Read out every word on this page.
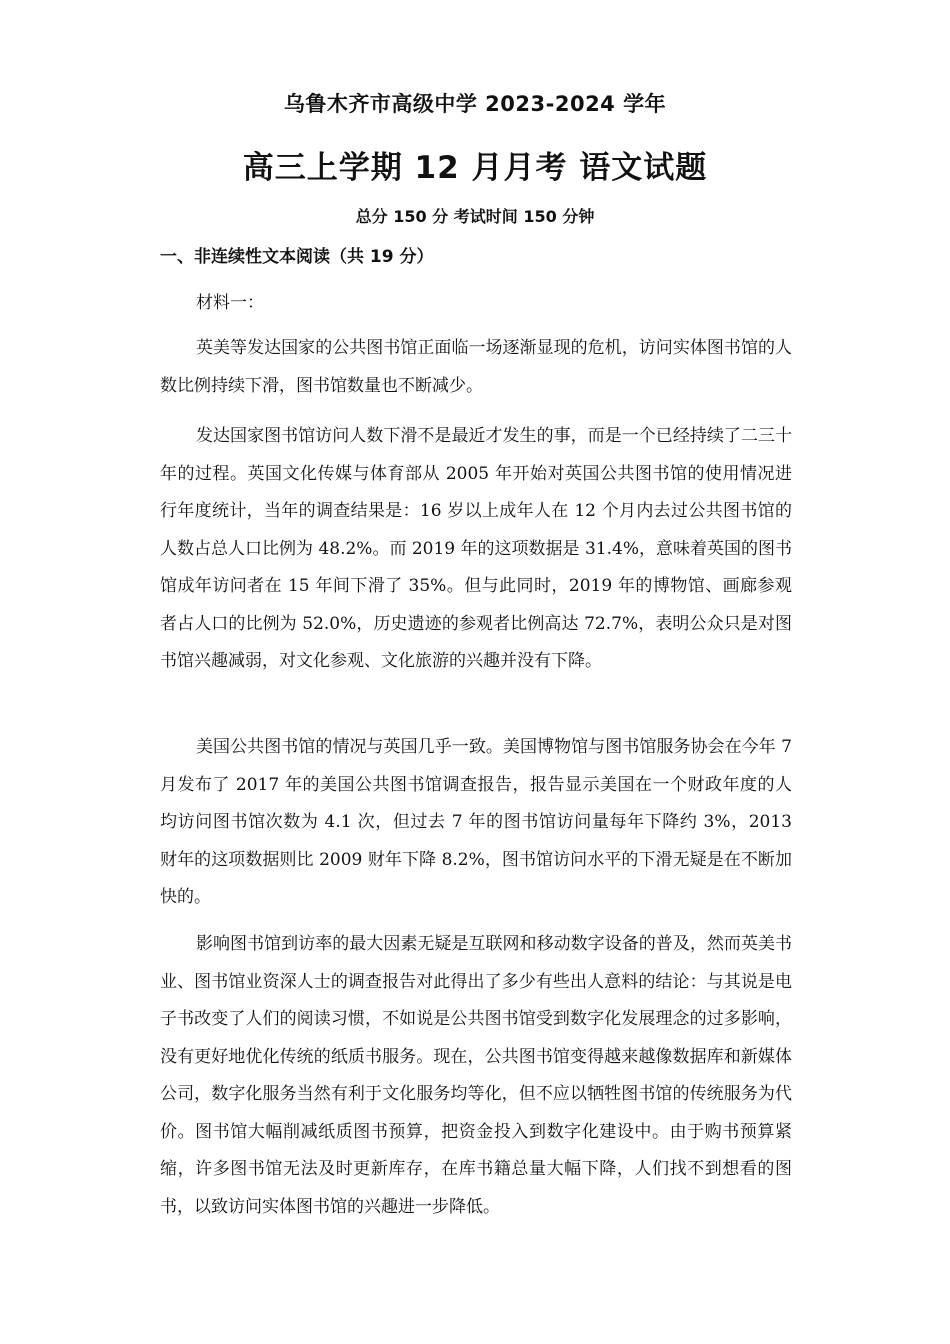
乌鲁木齐市高级中学 2023-2024 学年
高三上学期 12 月月考 语文试题
总分 150 分 考试时间 150 分钟
一、非连续性文本阅读（共 19 分）
材料一：

英美等发达国家的公共图书馆正面临一场逐渐显现的危机，访问实体图书馆的人数比例持续下滑，图书馆数量也不断减少。

发达国家图书馆访问人数下滑不是最近才发生的事，而是一个已经持续了二三十年的过程。英国文化传媒与体育部从 2005 年开始对英国公共图书馆的使用情况进行年度统计，当年的调查结果是：16 岁以上成年人在 12 个月内去过公共图书馆的人数占总人口比例为 48.2%。而 2019 年的这项数据是 31.4%，意味着英国的图书馆成年访问者在 15 年间下滑了 35%。但与此同时，2019 年的博物馆、画廊参观者占人口的比例为 52.0%，历史遗迹的参观者比例高达 72.7%，表明公众只是对图书馆兴趣减弱，对文化参观、文化旅游的兴趣并没有下降。

美国公共图书馆的情况与英国几乎一致。美国博物馆与图书馆服务协会在今年 7 月发布了 2017 年的美国公共图书馆调查报告，报告显示美国在一个财政年度的人均访问图书馆次数为 4.1 次，但过去 7 年的图书馆访问量每年下降约 3%，2013 财年的这项数据则比 2009 财年下降 8.2%，图书馆访问水平的下滑无疑是在不断加快的。

影响图书馆到访率的最大因素无疑是互联网和移动数字设备的普及，然而英美书业、图书馆业资深人士的调查报告对此得出了多少有些出人意料的结论：与其说是电子书改变了人们的阅读习惯，不如说是公共图书馆受到数字化发展理念的过多影响，没有更好地优化传统的纸质书服务。现在，公共图书馆变得越来越像数据库和新媒体公司，数字化服务当然有利于文化服务均等化，但不应以牺牲图书馆的传统服务为代价。图书馆大幅削减纸质图书预算，把资金投入到数字化建设中。由于购书预算紧缩，许多图书馆无法及时更新库存，在库书籍总量大幅下降，人们找不到想看的图书，以致访问实体图书馆的兴趣进一步降低。
